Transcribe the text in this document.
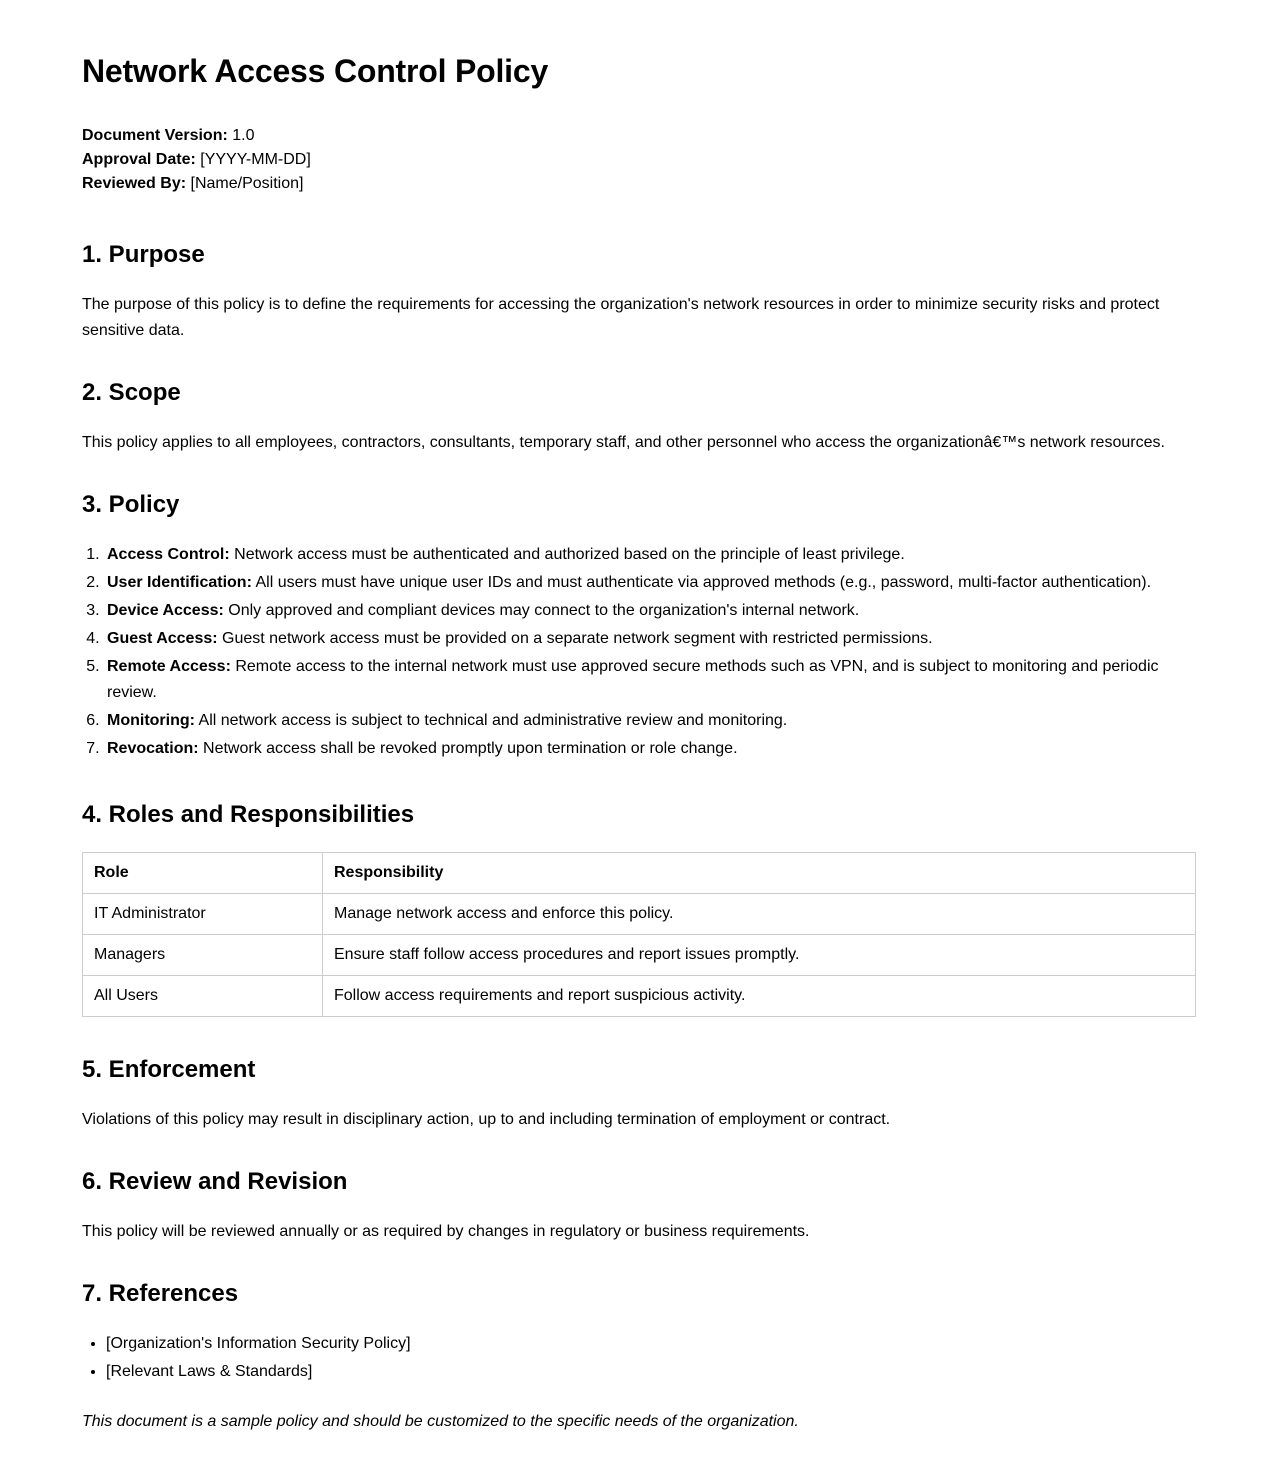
Network Access Control Policy
Document Version: 1.0
Approval Date: [YYYY-MM-DD]
Reviewed By: [Name/Position]
1. Purpose

The purpose of this policy is to define the requirements for accessing the organization's network resources in order to minimize security risks and protect sensitive data.

2. Scope

This policy applies to all employees, contractors, consultants, temporary staff, and other personnel who access the organizationâ€™s network resources.

3. Policy
1. Access Control: Network access must be authenticated and authorized based on the principle of least privilege.
2. User Identification: All users must have unique user IDs and must authenticate via approved methods (e.g., password, multi-factor authentication).
3. Device Access: Only approved and compliant devices may connect to the organization's internal network.
4. Guest Access: Guest network access must be provided on a separate network segment with restricted permissions.
5. Remote Access: Remote access to the internal network must use approved secure methods such as VPN, and is subject to monitoring and periodic review.
6. Monitoring: All network access is subject to technical and administrative review and monitoring.
7. Revocation: Network access shall be revoked promptly upon termination or role change.
4. Roles and Responsibilities
Role	Responsibility
IT Administrator	Manage network access and enforce this policy.
Managers	Ensure staff follow access procedures and report issues promptly.
All Users	Follow access requirements and report suspicious activity.
5. Enforcement

Violations of this policy may result in disciplinary action, up to and including termination of employment or contract.

6. Review and Revision

This policy will be reviewed annually or as required by changes in regulatory or business requirements.

7. References
• [Organization's Information Security Policy]
• [Relevant Laws & Standards]

This document is a sample policy and should be customized to the specific needs of the organization.
